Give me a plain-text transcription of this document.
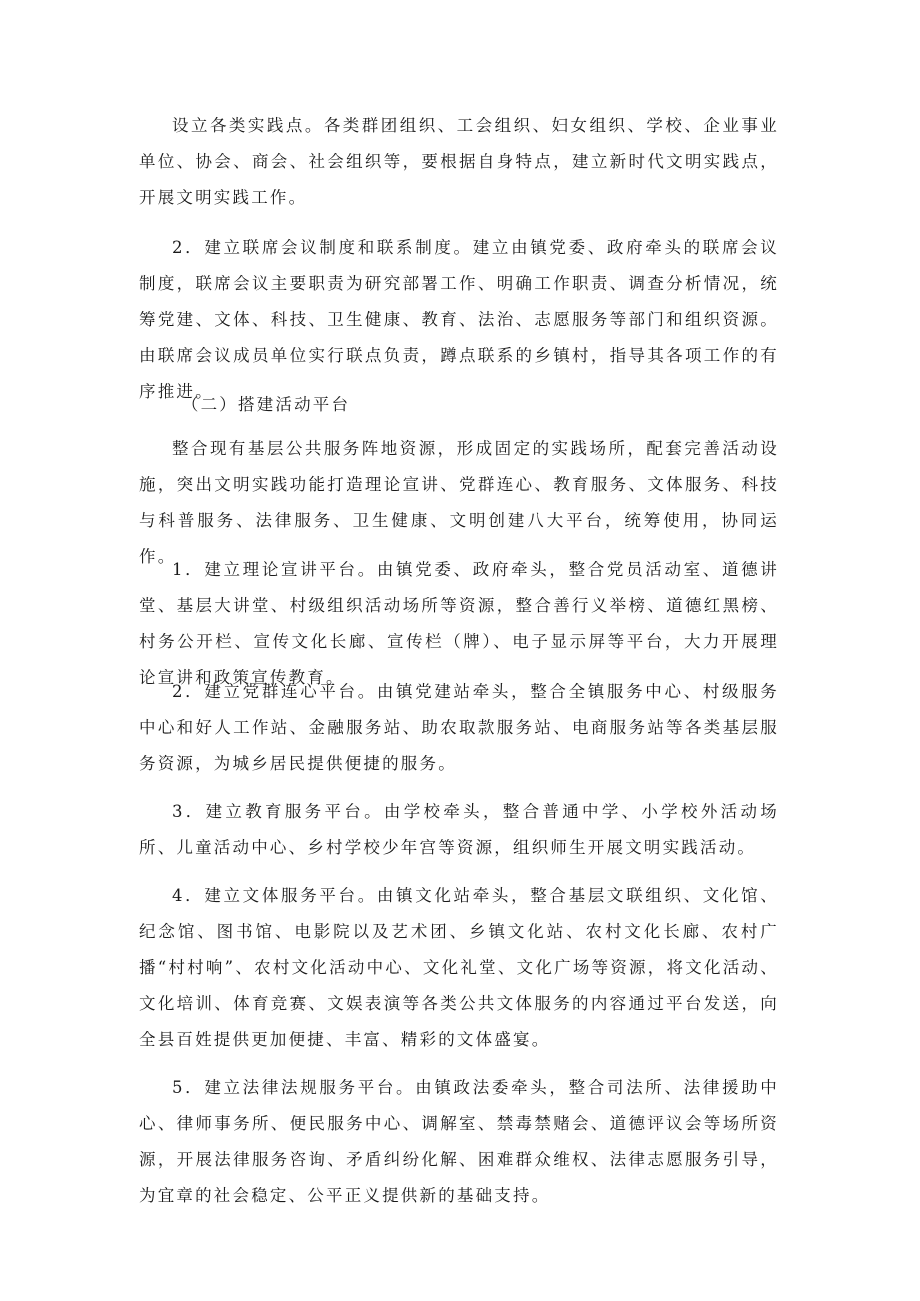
设立各类实践点。各类群团组织、工会组织、妇女组织、学校、企业事业单位、协会、商会、社会组织等，要根据自身特点，建立新时代文明实践点，开展文明实践工作。

2．建立联席会议制度和联系制度。建立由镇党委、政府牵头的联席会议制度，联席会议主要职责为研究部署工作、明确工作职责、调查分析情况，统筹党建、文体、科技、卫生健康、教育、法治、志愿服务等部门和组织资源。由联席会议成员单位实行联点负责，蹲点联系的乡镇村，指导其各项工作的有序推进。

（二）搭建活动平台

整合现有基层公共服务阵地资源，形成固定的实践场所，配套完善活动设施，突出文明实践功能打造理论宣讲、党群连心、教育服务、文体服务、科技与科普服务、法律服务、卫生健康、文明创建八大平台，统筹使用，协同运作。

1．建立理论宣讲平台。由镇党委、政府牵头，整合党员活动室、道德讲堂、基层大讲堂、村级组织活动场所等资源，整合善行义举榜、道德红黑榜、村务公开栏、宣传文化长廊、宣传栏（牌）、电子显示屏等平台，大力开展理论宣讲和政策宣传教育。

2．建立党群连心平台。由镇党建站牵头，整合全镇服务中心、村级服务中心和好人工作站、金融服务站、助农取款服务站、电商服务站等各类基层服务资源，为城乡居民提供便捷的服务。

3．建立教育服务平台。由学校牵头，整合普通中学、小学校外活动场所、儿童活动中心、乡村学校少年宫等资源，组织师生开展文明实践活动。

4．建立文体服务平台。由镇文化站牵头，整合基层文联组织、文化馆、纪念馆、图书馆、电影院以及艺术团、乡镇文化站、农村文化长廊、农村广播“村村响”、农村文化活动中心、文化礼堂、文化广场等资源，将文化活动、文化培训、体育竞赛、文娱表演等各类公共文体服务的内容通过平台发送，向全县百姓提供更加便捷、丰富、精彩的文体盛宴。

5．建立法律法规服务平台。由镇政法委牵头，整合司法所、法律援助中心、律师事务所、便民服务中心、调解室、禁毒禁赌会、道德评议会等场所资源，开展法律服务咨询、矛盾纠纷化解、困难群众维权、法律志愿服务引导，为宜章的社会稳定、公平正义提供新的基础支持。
